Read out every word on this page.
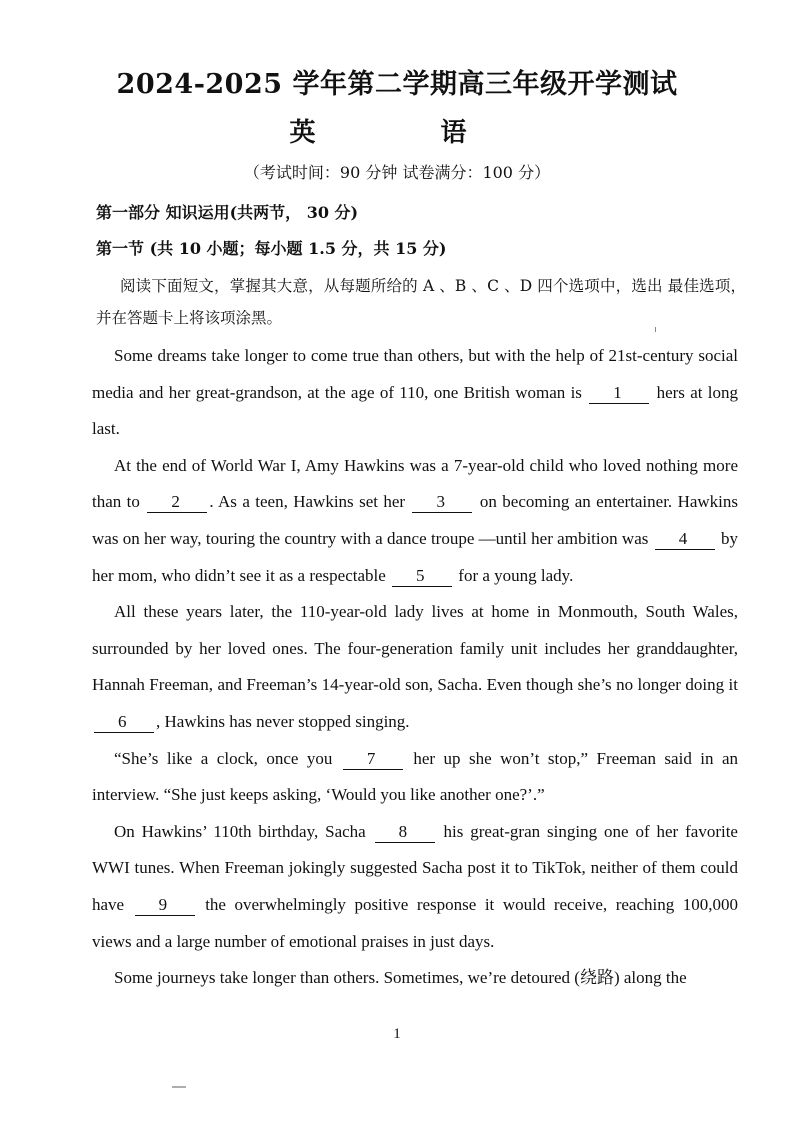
2024-2025 学年第二学期高三年级开学测试
英 语
（考试时间：90 分钟 试卷满分：100 分）
第一部分 知识运用(共两节， 30 分)
第一节 (共 10 小题；每小题 1.5 分，共 15 分)
阅读下面短文，掌握其大意，从每题所给的 A 、B 、C 、D 四个选项中，选出 最佳选项，并在答题卡上将该项涂黑。

Some dreams take longer to come true than others, but with the help of 21st-century social media and her great-grandson, at the age of 110, one British woman is 1 hers at long last.

At the end of World War I, Amy Hawkins was a 7-year-old child who loved nothing more than to 2 . As a teen, Hawkins set her 3 on becoming an entertainer. Hawkins was on her way, touring the country with a dance troupe —until her ambition was 4 by her mom, who didn’t see it as a respectable 5 for a young lady.

All these years later, the 110-year-old lady lives at home in Monmouth, South Wales, surrounded by her loved ones. The four-generation family unit includes her granddaughter, Hannah Freeman, and Freeman’s 14-year-old son, Sacha. Even though she’s no longer doing it 6 , Hawkins has never stopped singing.

“She’s like a clock, once you 7 her up she won’t stop,” Freeman said in an interview. “She just keeps asking, ‘Would you like another one?’.”

On Hawkins’ 110th birthday, Sacha 8 his great-gran singing one of her favorite WWI tunes. When Freeman jokingly suggested Sacha post it to TikTok, neither of them could have 9 the overwhelmingly positive response it would receive, reaching 100,000 views and a large number of emotional praises in just days.

Some journeys take longer than others. Sometimes, we’re detoured (绕路) along the

1
